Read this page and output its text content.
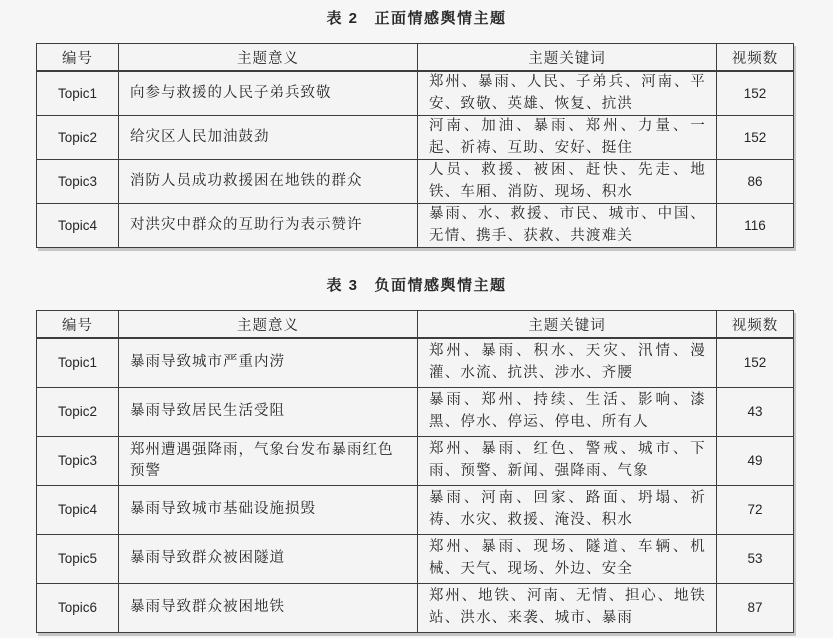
表 2 正面情感舆情主题
编号	主题意义	主题关键词	视频数
Topic1	向参与救援的人民子弟兵致敬	郑州、暴雨、人民、子弟兵、河南、平安、致敬、英雄、恢复、抗洪	152
Topic2	给灾区人民加油鼓劲	河南、加油、暴雨、郑州、力量、一起、祈祷、互助、安好、挺住	152
Topic3	消防人员成功救援困在地铁的群众	人员、救援、被困、赶快、先走、地铁、车厢、消防、现场、积水	86
Topic4	对洪灾中群众的互助行为表示赞许	暴雨、水、救援、市民、城市、中国、无情、携手、获救、共渡难关	116
表 3 负面情感舆情主题
编号	主题意义	主题关键词	视频数
Topic1	暴雨导致城市严重内涝	郑州、暴雨、积水、天灾、汛情、漫灌、水流、抗洪、涉水、齐腰	152
Topic2	暴雨导致居民生活受阻	暴雨、郑州、持续、生活、影响、漆黑、停水、停运、停电、所有人	43
Topic3	郑州遭遇强降雨，气象台发布暴雨红色预警	郑州、暴雨、红色、警戒、城市、下雨、预警、新闻、强降雨、气象	49
Topic4	暴雨导致城市基础设施损毁	暴雨、河南、回家、路面、坍塌、祈祷、水灾、救援、淹没、积水	72
Topic5	暴雨导致群众被困隧道	郑州、暴雨、现场、隧道、车辆、机械、天气、现场、外边、安全	53
Topic6	暴雨导致群众被困地铁	郑州、地铁、河南、无情、担心、地铁站、洪水、来袭、城市、暴雨	87
